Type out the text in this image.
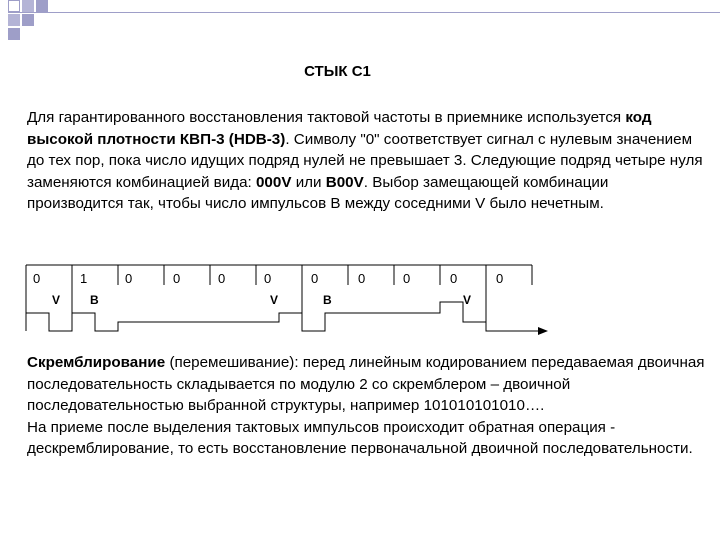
СТЫК С1
Для гарантированного восстановления тактовой частоты в приемнике используется код высокой плотности КВП-3 (HDB-3). Символу "0" соответствует сигнал с нулевым значением до тех пор, пока число идущих подряд нулей не превышает 3. Следующие подряд четыре нуля заменяются комбинацией вида: 000V или B00V. Выбор замещающей комбинации производится так, чтобы число импульсов B между соседними V было нечетным.
0	1	0	0	0	0	0	0	0	0	0
V B	V	B	V
Скремблирование (перемешивание): перед линейным кодированием передаваемая двоичная последовательность складывается по модулю 2 со скремблером – двоичной последовательностью выбранной структуры, например 101010101010….
На приеме после выделения тактовых импульсов происходит обратная операция - дескремблирование, то есть восстановление первоначальной двоичной последовательности.
